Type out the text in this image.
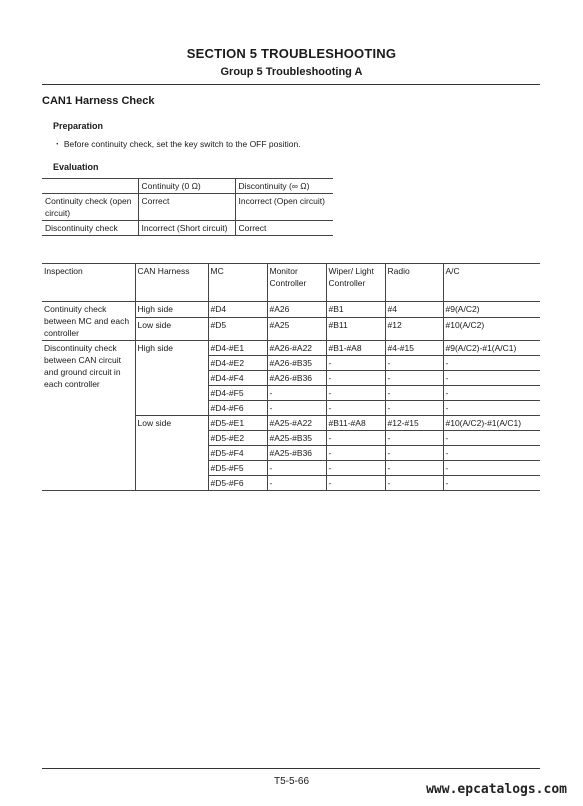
SECTION 5 TROUBLESHOOTING
Group 5 Troubleshooting A
CAN1 Harness Check
Preparation
・ Before continuity check, set the key switch to the OFF position.
Evaluation
	Continuity (0 Ω)	Discontinuity (∞ Ω)
Continuity check (open circuit)	Correct	Incorrect (Open circuit)
Discontinuity check	Incorrect (Short circuit)	Correct
Inspection	CAN Harness	MC	Monitor Controller	Wiper/ Light Controller	Radio	A/C
Continuity check between MC and each controller	High side	#D4	#A26	#B1	#4	#9(A/C2)
	Low side	#D5	#A25	#B11	#12	#10(A/C2)
Discontinuity check between CAN circuit and ground circuit in each controller	High side	#D4-#E1	#A26-#A22	#B1-#A8	#4-#15	#9(A/C2)-#1(A/C1)
		#D4-#E2	#A26-#B35	-	-	-
		#D4-#F4	#A26-#B36	-	-	-
		#D4-#F5	-	-	-	-
		#D4-#F6	-	-	-	-
	Low side	#D5-#E1	#A25-#A22	#B11-#A8	#12-#15	#10(A/C2)-#1(A/C1)
		#D5-#E2	#A25-#B35	-	-	-
		#D5-#F4	#A25-#B36	-	-	-
		#D5-#F5	-	-	-	-
		#D5-#F6	-	-	-	-
T5-5-66
www.epcatalogs.com
